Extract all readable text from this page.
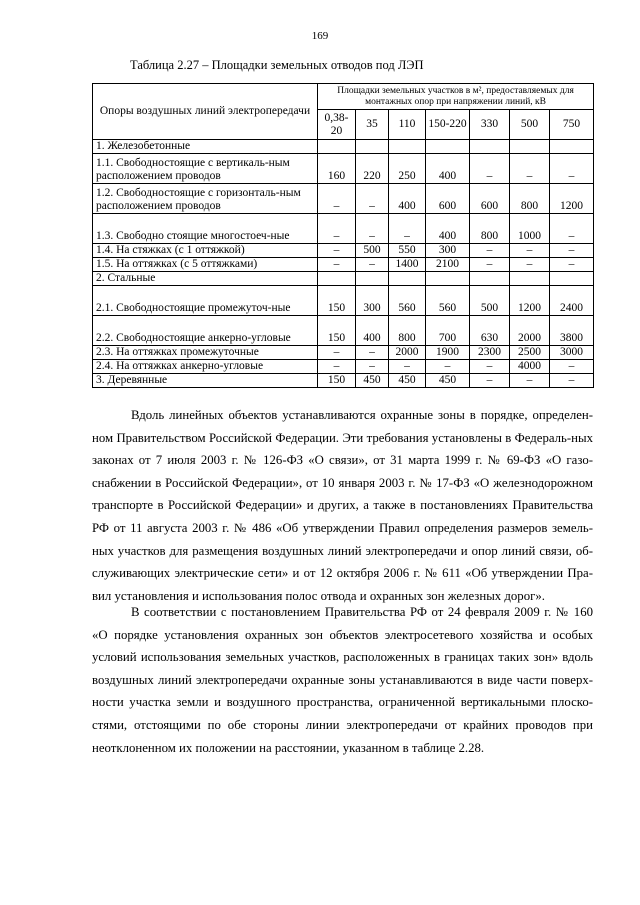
169
Таблица 2.27 – Площадки земельных отводов под ЛЭП
Опоры воздушных линий электропередачи	Площадки земельных участков в м², предоставляемых для монтажных опор при напряжении линий, кВ						
	0,38-20	35	110	150-220	330	500	750
1. Железобетонные							
1.1. Свободностоящие с вертикаль-ным расположением проводов	160	220	250	400	–	–	–
1.2. Свободностоящие с горизонталь-ным расположением проводов	–	–	400	600	600	800	1200
1.3. Свободно стоящие многостоеч-ные	–	–	–	400	800	1000	–
1.4. На стяжках (с 1 оттяжкой)	–	500	550	300	–	–	–
1.5. На оттяжках (с 5 оттяжками)	–	–	1400	2100	–	–	–
2. Стальные							
2.1. Свободностоящие промежуточ-ные	150	300	560	560	500	1200	2400
2.2. Свободностоящие анкерно-угловые	150	400	800	700	630	2000	3800
2.3. На оттяжках промежуточные	–	–	2000	1900	2300	2500	3000
2.4. На оттяжках анкерно-угловые	–	–	–	–	–	4000	–
3. Деревянные	150	450	450	450	–	–	–

Вдоль линейных объектов устанавливаются охранные зоны в порядке, определен-ном Правительством Российской Федерации. Эти требования установлены в Федераль-ных законах от 7 июля 2003 г. № 126-ФЗ «О связи», от 31 марта 1999 г. № 69-ФЗ «О газо-снабжении в Российской Федерации», от 10 января 2003 г. № 17-ФЗ «О железнодорожном транспорте в Российской Федерации» и других, а также в постановлениях Правительства РФ от 11 августа 2003 г. № 486 «Об утверждении Правил определения размеров земель-ных участков для размещения воздушных линий электропередачи и опор линий связи, об-служивающих электрические сети» и от 12 октября 2006 г. № 611 «Об утверждении Пра-вил установления и использования полос отвода и охранных зон железных дорог».

В соответствии с постановлением Правительства РФ от 24 февраля 2009 г. № 160 «О порядке установления охранных зон объектов электросетевого хозяйства и особых условий использования земельных участков, расположенных в границах таких зон» вдоль воздушных линий электропередачи охранные зоны устанавливаются в виде части поверх-ности участка земли и воздушного пространства, ограниченной вертикальными плоско-стями, отстоящими по обе стороны линии электропередачи от крайних проводов при неотклоненном их положении на расстоянии, указанном в таблице 2.28.
